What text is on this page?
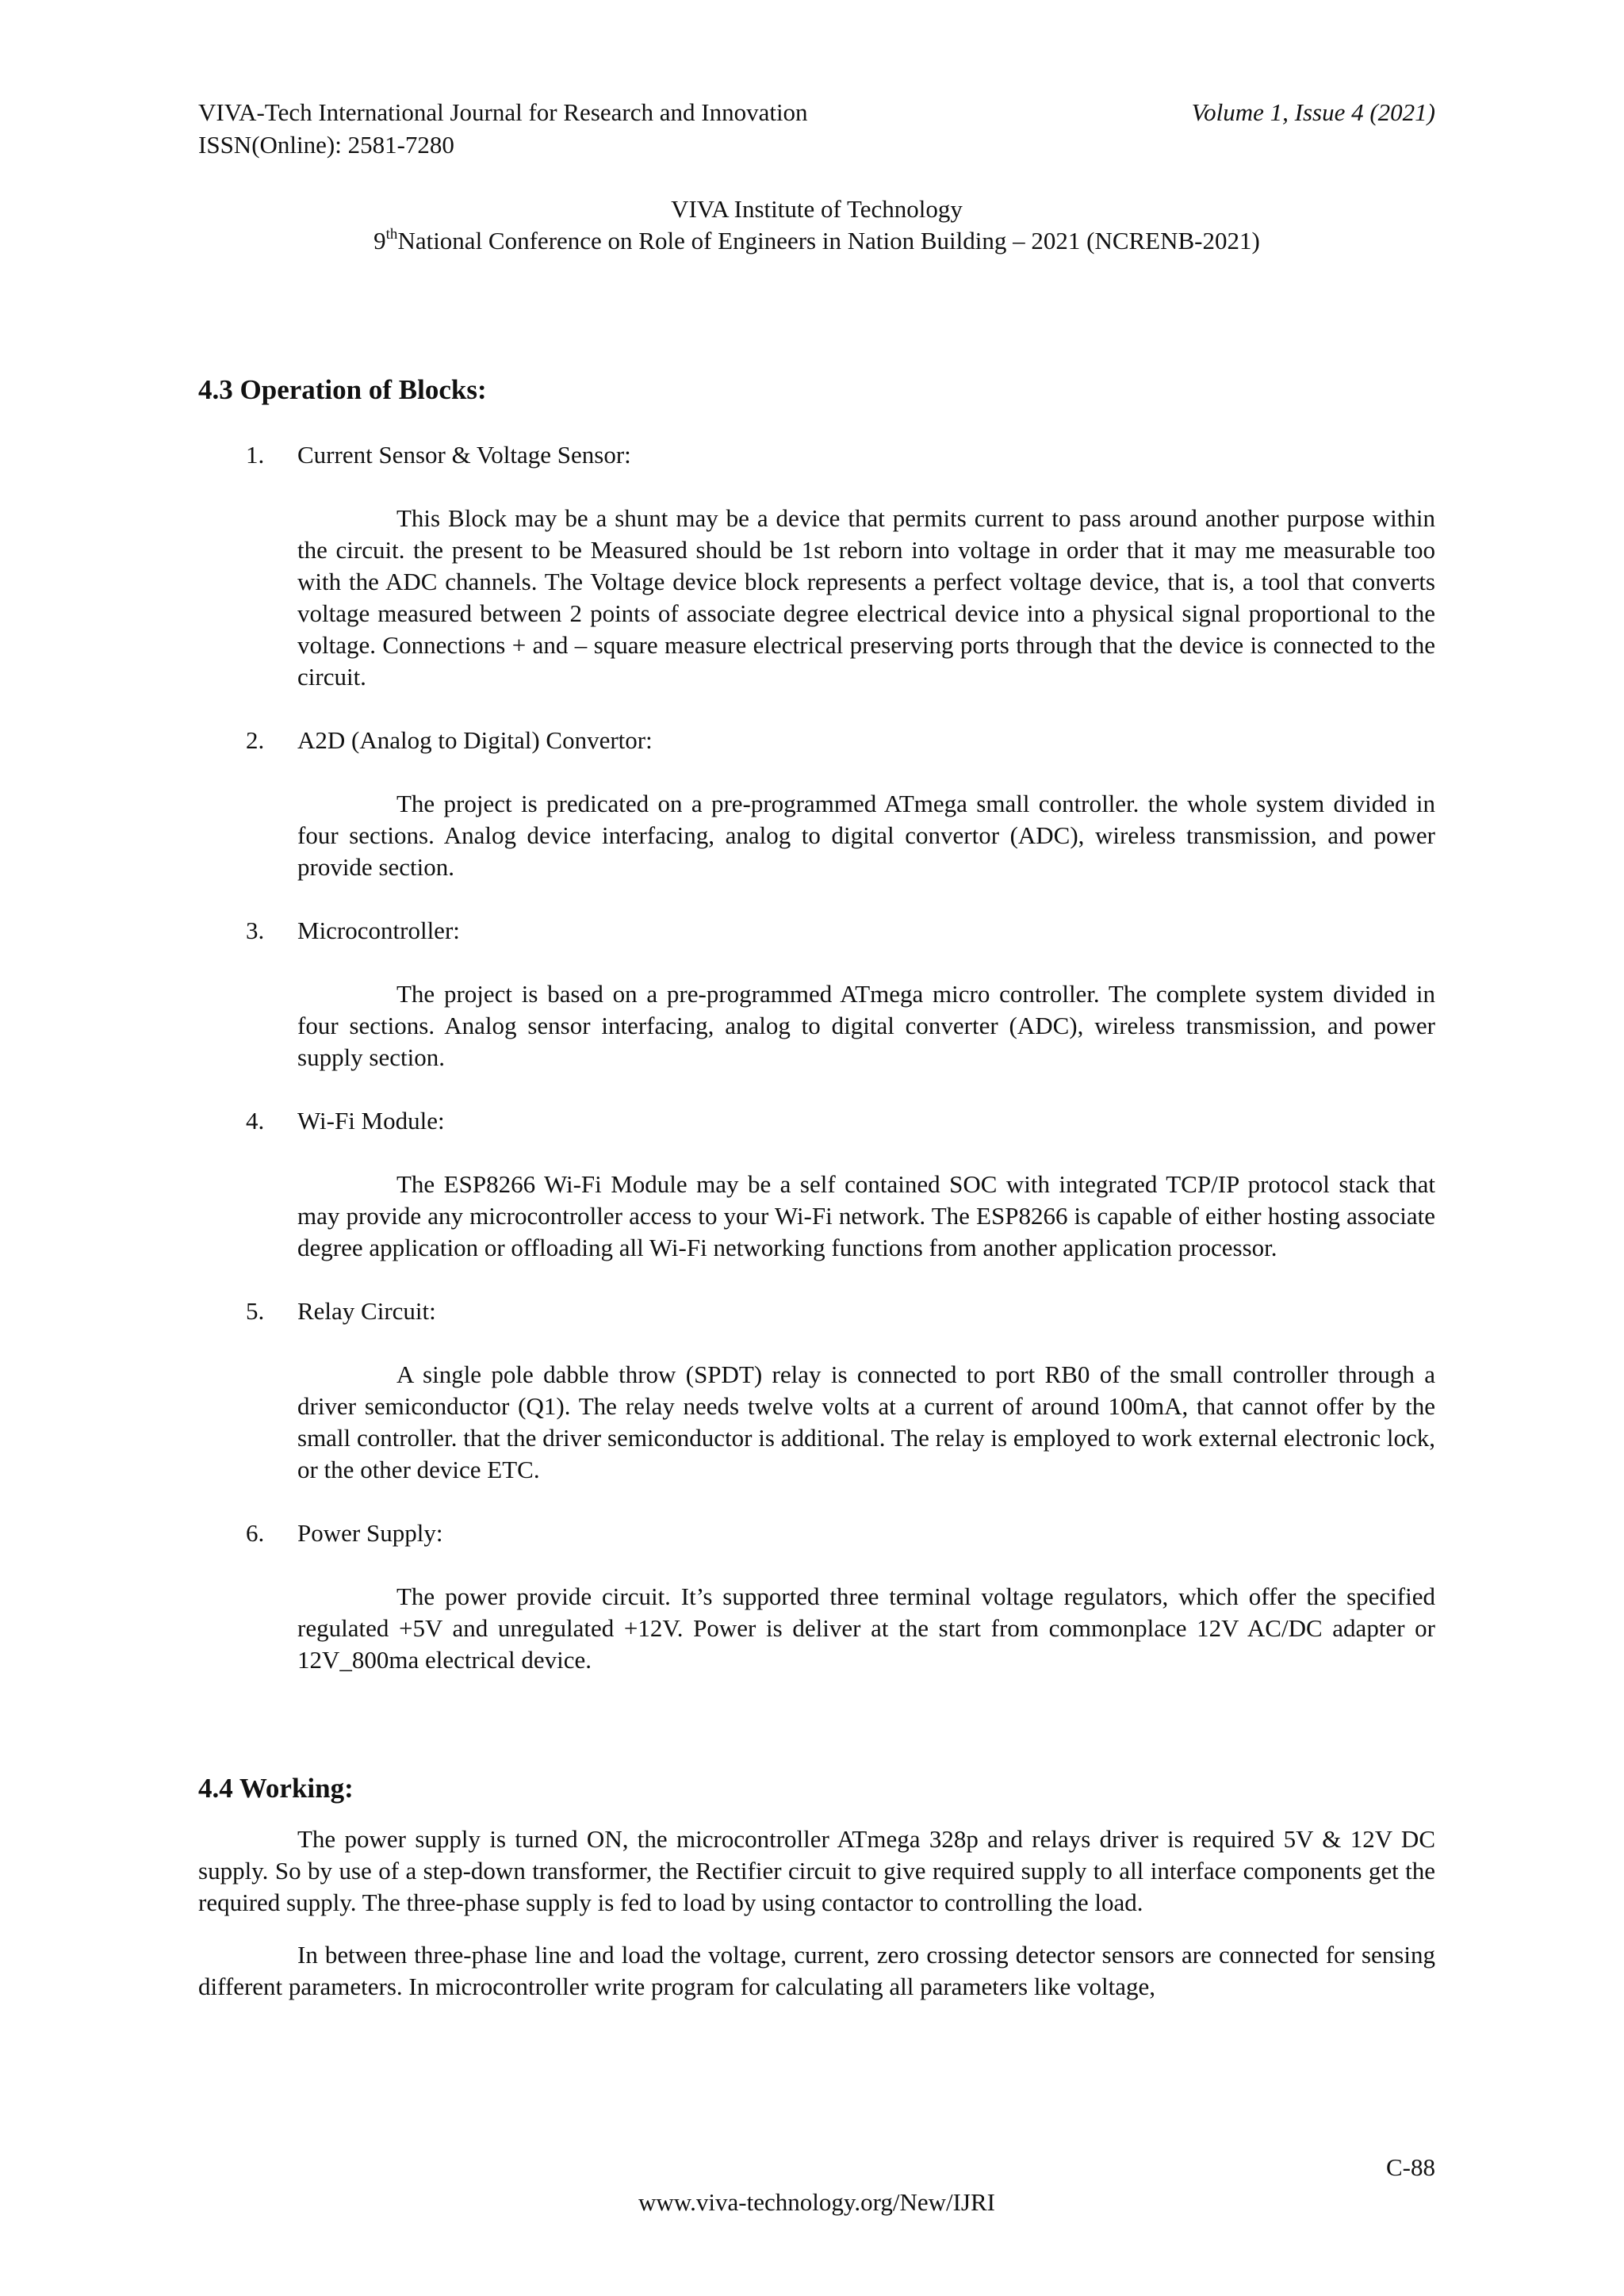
VIVA-Tech International Journal for Research and Innovation	Volume 1, Issue 4 (2021)
ISSN(Online): 2581-7280
VIVA Institute of Technology
9thNational Conference on Role of Engineers in Nation Building – 2021 (NCRENB-2021)
4.3 Operation of Blocks:
1. Current Sensor & Voltage Sensor:

This Block may be a shunt may be a device that permits current to pass around another purpose within the circuit. the present to be Measured should be 1st reborn into voltage in order that it may me measurable too with the ADC channels. The Voltage device block represents a perfect voltage device, that is, a tool that converts voltage measured between 2 points of associate degree electrical device into a physical signal proportional to the voltage. Connections + and – square measure electrical preserving ports through that the device is connected to the circuit.

2. A2D (Analog to Digital) Convertor:

The project is predicated on a pre-programmed ATmega small controller. the whole system divided in four sections. Analog device interfacing, analog to digital convertor (ADC), wireless transmission, and power provide section.

3. Microcontroller:

The project is based on a pre-programmed ATmega micro controller. The complete system divided in four sections. Analog sensor interfacing, analog to digital converter (ADC), wireless transmission, and power supply section.

4. Wi-Fi Module:

The ESP8266 Wi-Fi Module may be a self contained SOC with integrated TCP/IP protocol stack that may provide any microcontroller access to your Wi-Fi network. The ESP8266 is capable of either hosting associate degree application or offloading all Wi-Fi networking functions from another application processor.

5. Relay Circuit:

A single pole dabble throw (SPDT) relay is connected to port RB0 of the small controller through a driver semiconductor (Q1). The relay needs twelve volts at a current of around 100mA, that cannot offer by the small controller. that the driver semiconductor is additional. The relay is employed to work external electronic lock, or the other device ETC.

6. Power Supply:

The power provide circuit. It’s supported three terminal voltage regulators, which offer the specified regulated +5V and unregulated +12V. Power is deliver at the start from commonplace 12V AC/DC adapter or 12V_800ma electrical device.

4.4 Working:

The power supply is turned ON, the microcontroller ATmega 328p and relays driver is required 5V & 12V DC supply. So by use of a step-down transformer, the Rectifier circuit to give required supply to all interface components get the required supply. The three-phase supply is fed to load by using contactor to controlling the load.

In between three-phase line and load the voltage, current, zero crossing detector sensors are connected for sensing different parameters. In microcontroller write program for calculating all parameters like voltage,

C-88
www.viva-technology.org/New/IJRI
